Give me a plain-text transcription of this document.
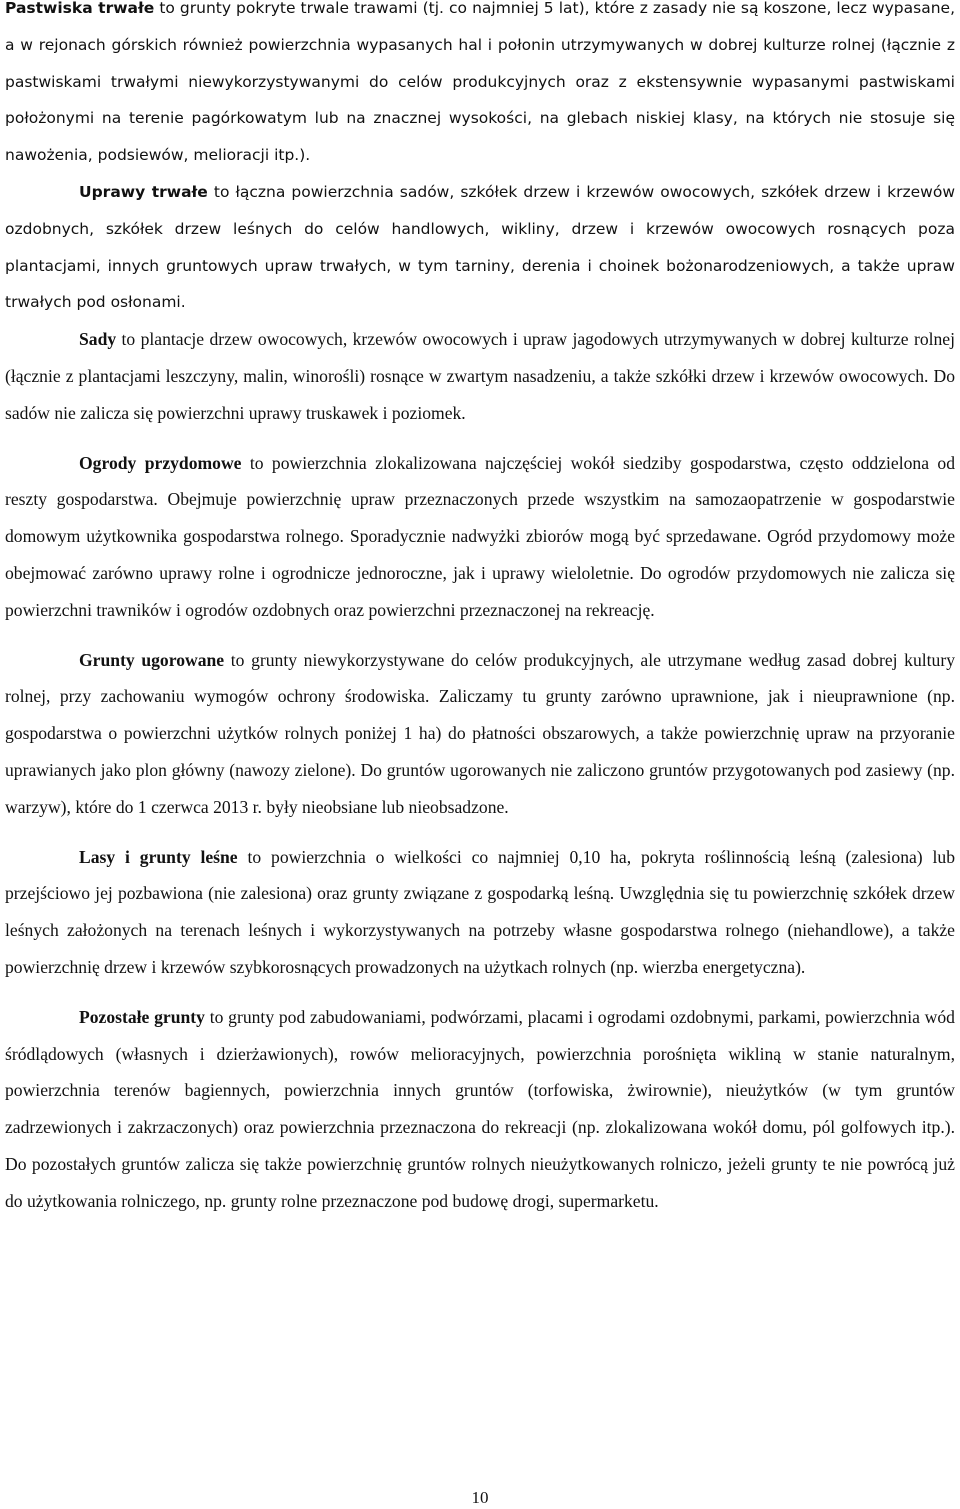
Pastwiska trwałe to grunty pokryte trwale trawami (tj. co najmniej 5 lat), które z zasady nie są koszone, lecz wypasane, a w rejonach górskich również powierzchnia wypasanych hal i połonin utrzymywanych w dobrej kulturze rolnej (łącznie z pastwiskami trwałymi niewykorzystywanymi do celów produkcyjnych oraz z ekstensywnie wypasanymi pastwiskami położonymi na terenie pagórkowatym lub na znacznej wysokości, na glebach niskiej klasy, na których nie stosuje się nawożenia, podsiewów, melioracji itp.).

Uprawy trwałe to łączna powierzchnia sadów, szkółek drzew i krzewów owocowych, szkółek drzew i krzewów ozdobnych, szkółek drzew leśnych do celów handlowych, wikliny, drzew i krzewów owocowych rosnących poza plantacjami, innych gruntowych upraw trwałych, w tym tarniny, derenia i choinek bożonarodzeniowych, a także upraw trwałych pod osłonami.

Sady to plantacje drzew owocowych, krzewów owocowych i upraw jagodowych utrzymywanych w dobrej kulturze rolnej (łącznie z plantacjami leszczyny, malin, winorośli) rosnące w zwartym nasadzeniu, a także szkółki drzew i krzewów owocowych. Do sadów nie zalicza się powierzchni uprawy truskawek i poziomek.

Ogrody przydomowe to powierzchnia zlokalizowana najczęściej wokół siedziby gospodarstwa, często oddzielona od reszty gospodarstwa. Obejmuje powierzchnię upraw przeznaczonych przede wszystkim na samozaopatrzenie w gospodarstwie domowym użytkownika gospodarstwa rolnego. Sporadycznie nadwyżki zbiorów mogą być sprzedawane. Ogród przydomowy może obejmować zarówno uprawy rolne i ogrodnicze jednoroczne, jak i uprawy wieloletnie. Do ogrodów przydomowych nie zalicza się powierzchni trawników i ogrodów ozdobnych oraz powierzchni przeznaczonej na rekreację.

Grunty ugorowane to grunty niewykorzystywane do celów produkcyjnych, ale utrzymane według zasad dobrej kultury rolnej, przy zachowaniu wymogów ochrony środowiska. Zaliczamy tu grunty zarówno uprawnione, jak i nieuprawnione (np. gospodarstwa o powierzchni użytków rolnych poniżej 1 ha) do płatności obszarowych, a także powierzchnię upraw na przyoranie uprawianych jako plon główny (nawozy zielone). Do gruntów ugorowanych nie zaliczono gruntów przygotowanych pod zasiewy (np. warzyw), które do 1 czerwca 2013 r. były nieobsiane lub nieobsadzone.

Lasy i grunty leśne to powierzchnia o wielkości co najmniej 0,10 ha, pokryta roślinnością leśną (zalesiona) lub przejściowo jej pozbawiona (nie zalesiona) oraz grunty związane z gospodarką leśną. Uwzględnia się tu powierzchnię szkółek drzew leśnych założonych na terenach leśnych i wykorzystywanych na potrzeby własne gospodarstwa rolnego (niehandlowe), a także powierzchnię drzew i krzewów szybkorosnących prowadzonych na użytkach rolnych (np. wierzba energetyczna).

Pozostałe grunty to grunty pod zabudowaniami, podwórzami, placami i ogrodami ozdobnymi, parkami, powierzchnia wód śródlądowych (własnych i dzierżawionych), rowów melioracyjnych, powierzchnia porośnięta wikliną w stanie naturalnym, powierzchnia terenów bagiennych, powierzchnia innych gruntów (torfowiska, żwirownie), nieużytków (w tym gruntów zadrzewionych i zakrzaczonych) oraz powierzchnia przeznaczona do rekreacji (np. zlokalizowana wokół domu, pól golfowych itp.). Do pozostałych gruntów zalicza się także powierzchnię gruntów rolnych nieużytkowanych rolniczo, jeżeli grunty te nie powrócą już do użytkowania rolniczego, np. grunty rolne przeznaczone pod budowę drogi, supermarketu.

10
